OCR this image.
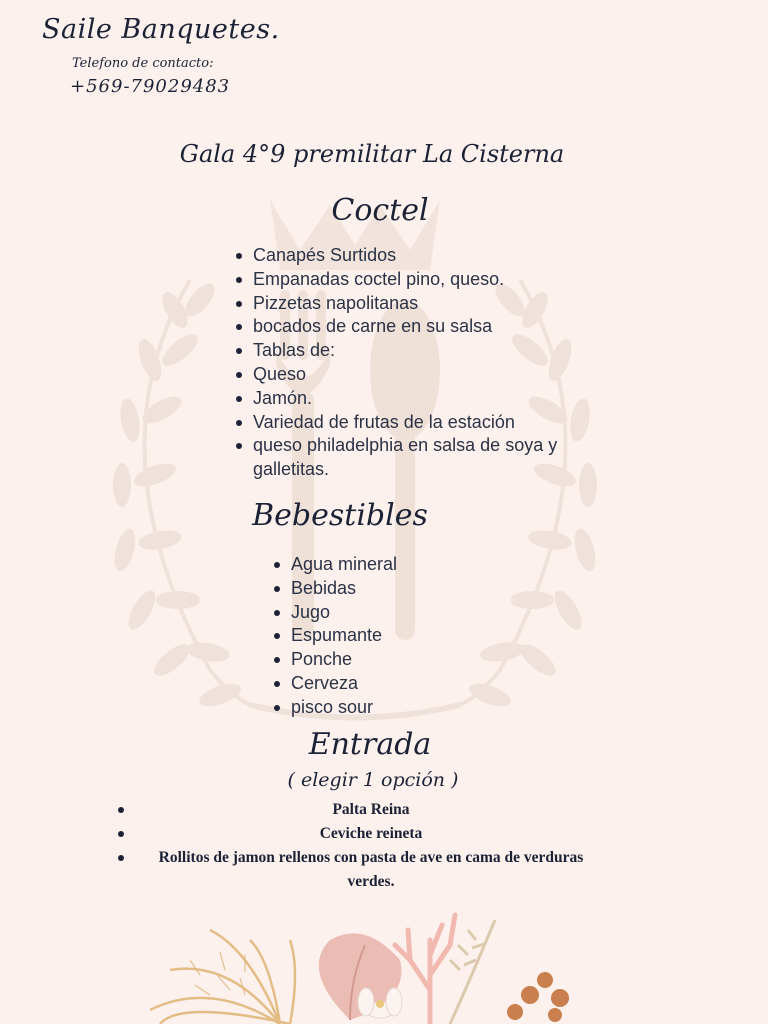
Saile Banquetes.
Telefono de contacto:
+569-79029483
Gala 4°9 premilitar La Cisterna
Coctel
Canapés Surtidos
Empanadas coctel pino, queso.
Pizzetas napolitanas
bocados de carne en su salsa
Tablas de:
Queso
Jamón.
Variedad de frutas de la estación
queso philadelphia en salsa de soya y galletitas.
Bebestibles
Agua mineral
Bebidas
Jugo
Espumante
Ponche
Cerveza
pisco sour
Entrada
( elegir 1 opción )
Palta Reina
Ceviche reineta
Rollitos de jamon rellenos con pasta de ave en cama de verduras verdes.
